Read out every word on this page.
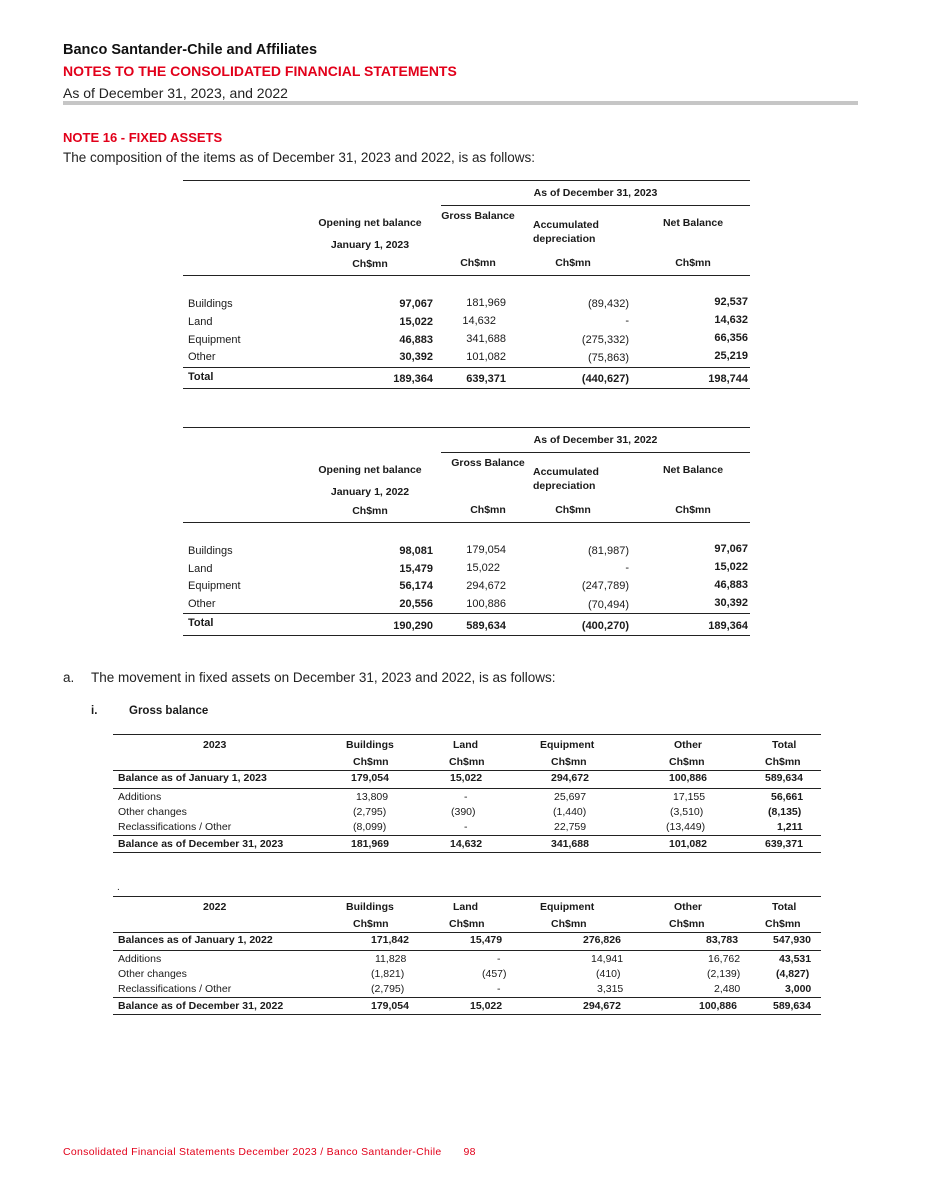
Banco Santander-Chile and Affiliates
NOTES TO THE CONSOLIDATED FINANCIAL STATEMENTS
As of December 31, 2023, and 2022
NOTE 16 - FIXED ASSETS
The composition of the items as of December 31, 2023 and 2022, is as follows:
As of December 31, 2023
Opening net balance
January 1, 2023
Ch$mn
Gross Balance
Ch$mn
Accumulated depreciation
Ch$mn
Net Balance
Ch$mn
Buildings	97,067	181,969	(89,432)	92,537
Land	15,022	14,632	-	14,632
Equipment	46,883	341,688	(275,332)	66,356
Other	30,392	101,082	(75,863)	25,219
Total	189,364	639,371	(440,627)	198,744
As of December 31, 2022
Opening net balance
January 1, 2022
Ch$mn
Gross Balance
Ch$mn
Accumulated depreciation
Ch$mn
Net Balance
Ch$mn
Buildings	98,081	179,054	(81,987)	97,067
Land	15,479	15,022	-	15,022
Equipment	56,174	294,672	(247,789)	46,883
Other	20,556	100,886	(70,494)	30,392
Total	190,290	589,634	(400,270)	189,364
a. The movement in fixed assets on December 31, 2023 and 2022, is as follows:
i.	Gross balance
2023	Buildings	Land	Equipment	Other	Total
Ch$mn	Ch$mn	Ch$mn	Ch$mn	Ch$mn
Balance as of January 1, 2023	179,054	15,022	294,672	100,886	589,634
Additions	13,809	-	25,697	17,155	56,661
Other changes	(2,795)	(390)	(1,440)	(3,510)	(8,135)
Reclassifications / Other	(8,099)	-	22,759	(13,449)	1,211
Balance as of December 31, 2023	181,969	14,632	341,688	101,082	639,371
.
2022	Buildings	Land	Equipment	Other	Total
Ch$mn	Ch$mn	Ch$mn	Ch$mn	Ch$mn
Balances as of January 1, 2022	171,842	15,479	276,826	83,783	547,930
Additions	11,828	-	14,941	16,762	43,531
Other changes	(1,821)	(457)	(410)	(2,139)	(4,827)
Reclassifications / Other	(2,795)	-	3,315	2,480	3,000
Balance as of December 31, 2022	179,054	15,022	294,672	100,886	589,634
Consolidated Financial Statements December 2023 / Banco Santander-Chile 98
